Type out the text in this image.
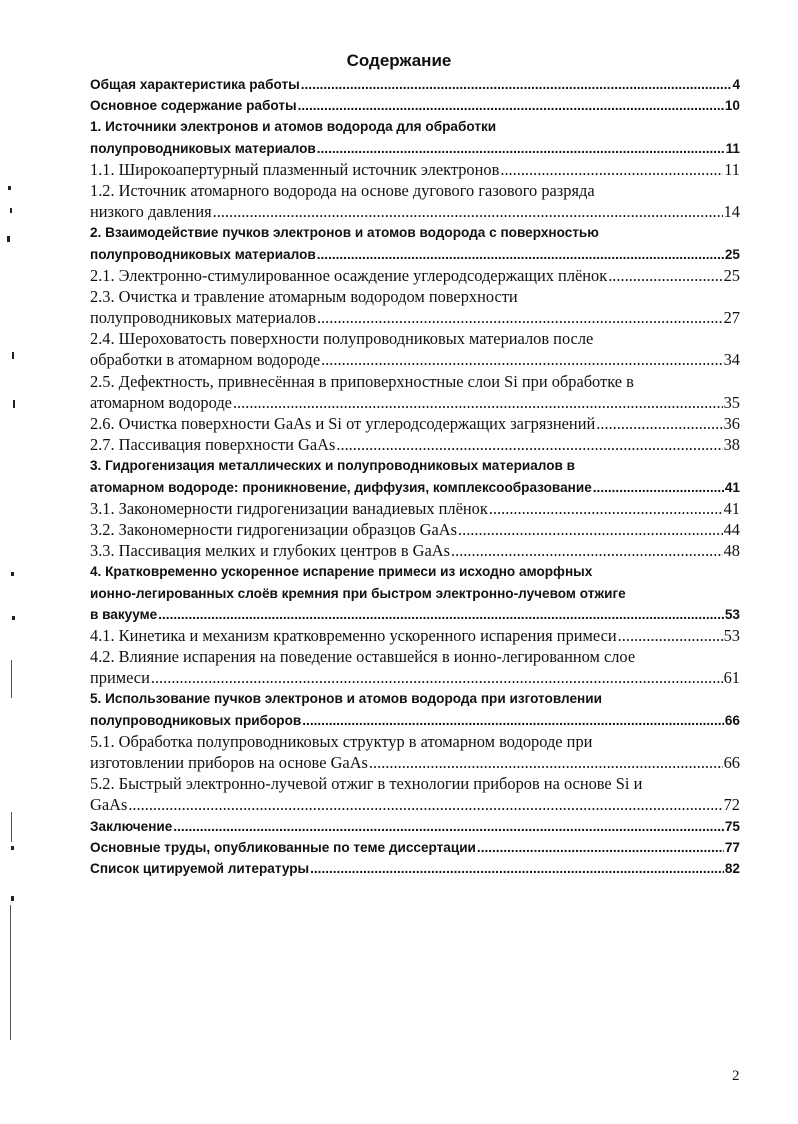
Содержание
Общая характеристика работы .....	4
Основное содержание работы .....	10
1. Источники электронов и атомов водорода для обработки
полупроводниковых материалов .....	11
1.1. Широкоапертурный плазменный источник электронов .....	11
1.2. Источник атомарного водорода на основе дугового газового разряда
низкого давления .....	14
2. Взаимодействие пучков электронов и атомов водорода с поверхностью
полупроводниковых материалов .....	25
2.1. Электронно-стимулированное осаждение углеродсодержащих плёнок .....	25
2.3. Очистка и травление атомарным водородом поверхности
полупроводниковых материалов .....	27
2.4. Шероховатость поверхности полупроводниковых материалов после
обработки в атомарном водороде .....	34
2.5. Дефектность, привнесённая в приповерхностные слои Si при обработке в
атомарном водороде .....	35
2.6. Очистка поверхности GaAs и Si от углеродсодержащих загрязнений .....	36
2.7. Пассивация поверхности GaAs .....	38
3. Гидрогенизация металлических и полупроводниковых материалов в
атомарном водороде: проникновение, диффузия, комплексообразование .....	41
3.1. Закономерности гидрогенизации ванадиевых плёнок .....	41
3.2. Закономерности гидрогенизации образцов GaAs .....	44
3.3. Пассивация мелких и глубоких центров в GaAs .....	48
4. Кратковременно ускоренное испарение примеси из исходно аморфных
ионно-легированных слоёв кремния при быстром электронно-лучевом отжиге
в вакууме .....	53
4.1. Кинетика и механизм кратковременно ускоренного испарения примеси .....	53
4.2. Влияние испарения на поведение оставшейся в ионно-легированном слое
примеси .....	61
5. Использование пучков электронов и атомов водорода при изготовлении
полупроводниковых приборов .....	66
5.1. Обработка полупроводниковых структур в атомарном водороде при
изготовлении приборов на основе GaAs .....	66
5.2. Быстрый электронно-лучевой отжиг в технологии приборов на основе Si и
GaAs .....	72
Заключение .....	75
Основные труды, опубликованные по теме диссертации .....	77
Список цитируемой литературы .....	82
2
